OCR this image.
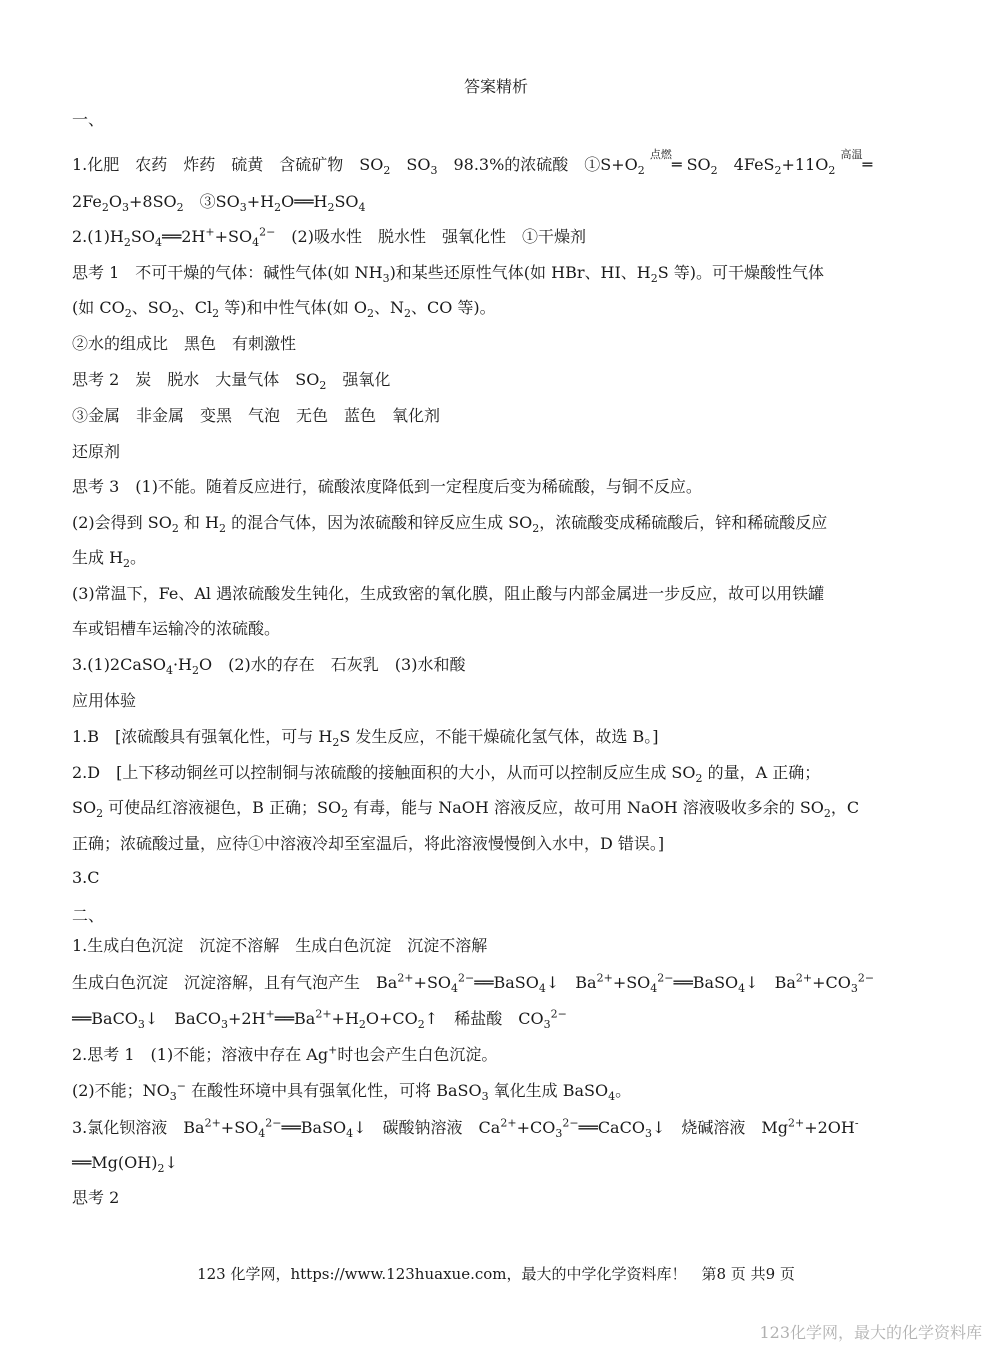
答案精析
一、
1.化肥　农药　炸药　硫黄　含硫矿物　$SO_2$　$SO_3$　98.3%的浓硫酸　$①S+O_2$ $^{点燃}$═ $SO_2$　$4FeS_2+11O_2$ $^{高温}$═
$2Fe_2O_3+8SO_2$　$③SO_3+H_2O══H_2SO_4$
$2.(1)H_2SO_4══2H^++SO_4^{2-}$　(2)吸水性　脱水性　强氧化性　①干燥剂
思考 1　不可干燥的气体：碱性气体(如 $NH_3$)和某些还原性气体(如 HBr、HI、$H_2S$ 等)。可干燥酸性气体
(如 $CO_2$、$SO_2$、$Cl_2$ 等)和中性气体(如 $O_2$、$N_2$、CO 等)。
②水的组成比　黑色　有刺激性
思考 2　炭　脱水　大量气体　$SO_2$　强氧化
③金属　非金属　变黑　气泡　无色　蓝色　氧化剂
还原剂
思考 3　(1)不能。随着反应进行，硫酸浓度降低到一定程度后变为稀硫酸，与铜不反应。
(2)会得到 $SO_2$ 和 $H_2$ 的混合气体，因为浓硫酸和锌反应生成 $SO_2$，浓硫酸变成稀硫酸后，锌和稀硫酸反应
生成 $H_2$。
(3)常温下，Fe、Al 遇浓硫酸发生钝化，生成致密的氧化膜，阻止酸与内部金属进一步反应，故可以用铁罐
车或铝槽车运输冷的浓硫酸。
$3.(1)2CaSO_4\cdot H_2O$　(2)水的存在　石灰乳　(3)水和酸
应用体验
1.B　[浓硫酸具有强氧化性，可与 $H_2S$ 发生反应，不能干燥硫化氢气体，故选 B。]
2.D　[上下移动铜丝可以控制铜与浓硫酸的接触面积的大小，从而可以控制反应生成 $SO_2$ 的量，A 正确；
$SO_2$ 可使品红溶液褪色，B 正确；$SO_2$ 有毒，能与 NaOH 溶液反应，故可用 NaOH 溶液吸收多余的 $SO_2$，C
正确；浓硫酸过量，应待①中溶液冷却至室温后，将此溶液慢慢倒入水中，D 错误。]
3.C
二、
1.生成白色沉淀　沉淀不溶解　生成白色沉淀　沉淀不溶解
生成白色沉淀　沉淀溶解，且有气泡产生　$Ba^{2+}+SO_4^{2-}══BaSO_4↓$　$Ba^{2+}+SO_4^{2-}══BaSO_4↓$　$Ba^{2+}+CO_3^{2-}$
══BaCO$_3$↓　$BaCO_3+2H^+══Ba^{2+}+H_2O+CO_2↑$　稀盐酸　$CO_3^{2-}$
2.思考 1　(1)不能；溶液中存在 Ag+时也会产生白色沉淀。
(2)不能；$NO_3^-$ 在酸性环境中具有强氧化性，可将 BaSO$_3$ 氧化生成 BaSO$_4$。
3.氯化钡溶液　$Ba^{2+}+SO_4^{2-}══BaSO_4↓$　碳酸钠溶液　$Ca^{2+}+CO_3^{2-}══CaCO_3↓$　烧碱溶液　$Mg^{2+}+2OH^-$
$══Mg(OH)_2↓$
思考 2
123 化学网，https://www.123huaxue.com，最大的中学化学资料库！　第8 页 共9 页
123化学网，最大的化学资料库
